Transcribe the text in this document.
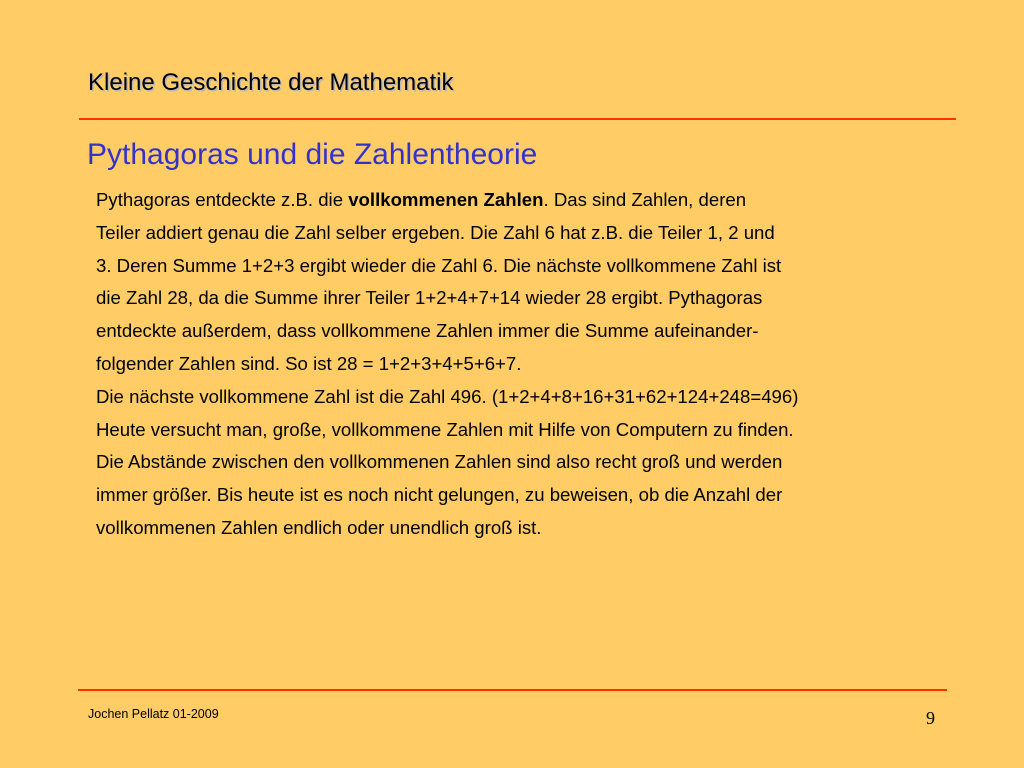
Kleine Geschichte der Mathematik
Pythagoras und die Zahlentheorie
Pythagoras entdeckte z.B. die vollkommenen Zahlen. Das sind Zahlen, deren
Teiler addiert genau die Zahl selber ergeben. Die Zahl 6 hat z.B. die Teiler 1, 2 und
3. Deren Summe 1+2+3 ergibt wieder die Zahl 6. Die nächste vollkommene Zahl ist
die Zahl 28, da die Summe ihrer Teiler 1+2+4+7+14 wieder 28 ergibt. Pythagoras
entdeckte außerdem, dass vollkommene Zahlen immer die Summe aufeinander-
folgender Zahlen sind. So ist 28 = 1+2+3+4+5+6+7.
Die nächste vollkommene Zahl ist die Zahl 496. (1+2+4+8+16+31+62+124+248=496)
Heute versucht man, große, vollkommene Zahlen mit Hilfe von Computern zu finden.
Die Abstände zwischen den vollkommenen Zahlen sind also recht groß und werden
immer größer. Bis heute ist es noch nicht gelungen, zu beweisen, ob die Anzahl der
vollkommenen Zahlen endlich oder unendlich groß ist.
Jochen Pellatz 01-2009	9
